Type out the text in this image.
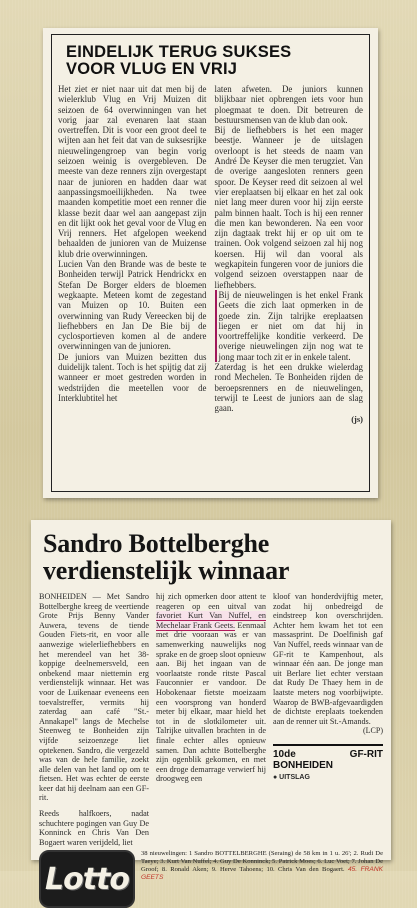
EINDELIJK TERUG SUKSES
VOOR VLUG EN VRIJ

Het ziet er niet naar uit dat men bij de wielerklub Vlug en Vrij Muizen dit seizoen de 64 overwinningen van het vorig jaar zal evenaren laat staan overtreffen. Dit is voor een groot deel te wijten aan het feit dat van de suksesrijke nieuwelingengroep van begin vorig seizoen weinig is overgebleven. De meeste van deze renners zijn overgestapt naar de junioren en hadden daar wat aanpassingsmoeilijkheden. Na twee maanden kompetitie moet een renner die klasse bezit daar wel aan aangepast zijn en dit lijkt ook het geval voor de Vlug en Vrij renners. Het afgelopen weekend behaalden de junioren van de Muizense klub drie overwinningen.

Lucien Van den Brande was de beste te Bonheiden terwijl Patrick Hendrickx en Stefan De Borger elders de bloemen wegkaapte. Meteen komt de zegestand van Muizen op 10. Buiten een overwinning van Rudy Vereecken bij de liefhebbers en Jan De Bie bij de cyclosportieven komen al de andere overwinningen van de junioren.

De juniors van Muizen bezitten dus duidelijk talent. Toch is het spijtig dat zij wanneer er moet gestreden worden in wedstrijden die meetellen voor de Interklubtitel het

laten afweten. De juniors kunnen blijkbaar niet opbrengen iets voor hun ploegmaat te doen. Dit betreuren de bestuursmensen van de klub dan ook.

Bij de liefhebbers is het een mager beestje. Wanneer je de uitslagen overloopt is het steeds de naam van André De Keyser die men terugziet. Van de overige aangesloten renners geen spoor. De Keyser reed dit seizoen al wel vier ereplaatsen bij elkaar en het zal ook niet lang meer duren voor hij zijn eerste palm binnen haalt. Toch is hij een renner die men kan bewonderen. Na een voor zijn dagtaak trekt hij er op uit om te trainen. Ook volgend seizoen zal hij nog koersen. Hij wil dan vooral als wegkapitein fungeren voor de juniors die volgend seizoen overstappen naar de liefhebbers.

Bij de nieuwelingen is het enkel Frank Geets die zich laat opmerken in de goede zin. Zijn talrijke ereplaatsen liegen er niet om dat hij in voortreffelijke konditie verkeerd. De overige nieuwelingen zijn nog wat te jong maar toch zit er in enkele talent.

Zaterdag is het een drukke wielerdag rond Mechelen. Te Bonheiden rijden de beroepsrenners en de nieuwelingen, terwijl te Leest de juniors aan de slag gaan.

(js)
Sandro Bottelberghe
verdienstelijk winnaar

BONHEIDEN — Met Sandro Bottelberghe kreeg de veertiende Grote Prijs Benny Vander Auwera, tevens de tiende Gouden Fiets-rit, en voor alle aanwezige wielerliefhebbers en het merendeel van het 38-koppige deelnemersveld, een onbekend maar niettemin erg verdienstelijk winnaar. Het was voor de Luikenaar eveneens een toevalstreffer, vermits hij zaterdag aan café "St.-Annakapel" langs de Mechelse Steenweg te Bonheiden zijn vijfde seizoenzege liet optekenen. Sandro, die vergezeld was van de hele familie, zoekt alle delen van het land op om te fietsen. Het was echter de eerste keer dat hij deelnam aan een GF-rit.

Reeds halfkoers, nadat schuchtere pogingen van Guy De Konninck en Chris Van Den Bogaert waren verijdeld, liet

hij zich opmerken door attent te reageren op een uitval van favoriet Kurt Van Nuffel, en Mechelaar Frank Geets. Eenmaal met drie vooraan was er van samenwerking nauwelijks nog sprake en de groep sloot opnieuw aan. Bij het ingaan van de voorlaatste ronde ritste Pascal Fauconnier er vandoor. De Hobokenaar fietste moeizaam een voorsprong van honderd meter bij elkaar, maar hield het tot in de slotkilometer uit. Talrijke uitvallen brachten in de finale echter alles opnieuw samen. Dan achtte Bottelberghe zijn ogenblik gekomen, en met een droge demarrage verwierf hij droogweg een

kloof van honderdvijftig meter, zodat hij onbedreigd de eindstreep kon overschrijden. Achter hem kwam het tot een massasprint. De Doelfinish gaf Van Nuffel, reeds winnaar van de GF-rit te Kampenhout, als winnaar één aan. De jonge man uit Berlare liet echter verstaan dat Rudy De Thaey hem in de laatste meters nog voorbijwipte. Waarop de BWB-afgevaardigden de dichtste ereplaats toekenden aan de renner uit St.-Amands.

(LCP)
10de GF-RIT BONHEIDEN
● UITSLAG
Lotto
38 nieuwelingen: 1 Sandro BOTTELBERGHE (Seraing) de 58 km in 1 u. 26'; 2. Rudi De Taeye; 3. Kurt Van Nuffel; 4. Guy De Konninck; 5. Patrick Moes; 6. Luc Voet; 7. Johan De Groof; 8. Ronald Aken; 9. Herve Tahoens; 10. Chris Van den Bogaert. 45. FRANK GEETS
